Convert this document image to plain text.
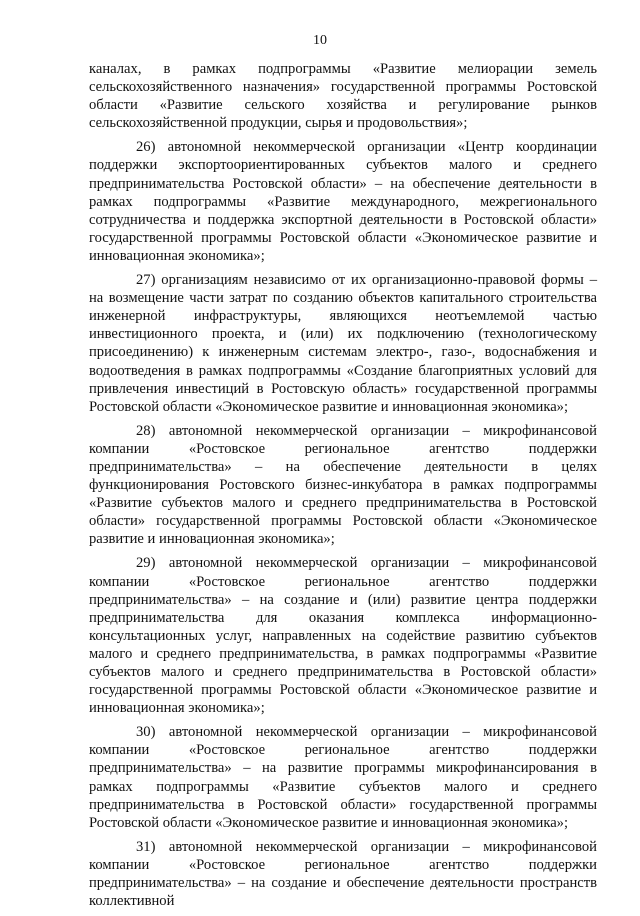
10

каналах, в рамках подпрограммы «Развитие мелиорации земель сельскохозяйственного назначения» государственной программы Ростовской области «Развитие сельского хозяйства и регулирование рынков сельскохозяйственной продукции, сырья и продовольствия»;

26) автономной некоммерческой организации «Центр координации поддержки экспортоориентированных субъектов малого и среднего предпринимательства Ростовской области» – на обеспечение деятельности в рамках подпрограммы «Развитие международного, межрегионального сотрудничества и поддержка экспортной деятельности в Ростовской области» государственной программы Ростовской области «Экономическое развитие и инновационная экономика»;

27) организациям независимо от их организационно-правовой формы – на возмещение части затрат по созданию объектов капитального строительства инженерной инфраструктуры, являющихся неотъемлемой частью инвестиционного проекта, и (или) их подключению (технологическому присоединению) к инженерным системам электро-, газо-, водоснабжения и водоотведения в рамках подпрограммы «Создание благоприятных условий для привлечения инвестиций в Ростовскую область» государственной программы Ростовской области «Экономическое развитие и инновационная экономика»;

28) автономной некоммерческой организации – микрофинансовой компании «Ростовское региональное агентство поддержки предпринимательства» – на обеспечение деятельности в целях функционирования Ростовского бизнес-инкубатора в рамках подпрограммы «Развитие субъектов малого и среднего предпринимательства в Ростовской области» государственной программы Ростовской области «Экономическое развитие и инновационная экономика»;

29) автономной некоммерческой организации – микрофинансовой компании «Ростовское региональное агентство поддержки предпринимательства» – на создание и (или) развитие центра поддержки предпринимательства для оказания комплекса информационно-консультационных услуг, направленных на содействие развитию субъектов малого и среднего предпринимательства, в рамках подпрограммы «Развитие субъектов малого и среднего предпринимательства в Ростовской области» государственной программы Ростовской области «Экономическое развитие и инновационная экономика»;

30) автономной некоммерческой организации – микрофинансовой компании «Ростовское региональное агентство поддержки предпринимательства» – на развитие программы микрофинансирования в рамках подпрограммы «Развитие субъектов малого и среднего предпринимательства в Ростовской области» государственной программы Ростовской области «Экономическое развитие и инновационная экономика»;

31) автономной некоммерческой организации – микрофинансовой компании «Ростовское региональное агентство поддержки предпринимательства» – на создание и обеспечение деятельности пространств коллективной
